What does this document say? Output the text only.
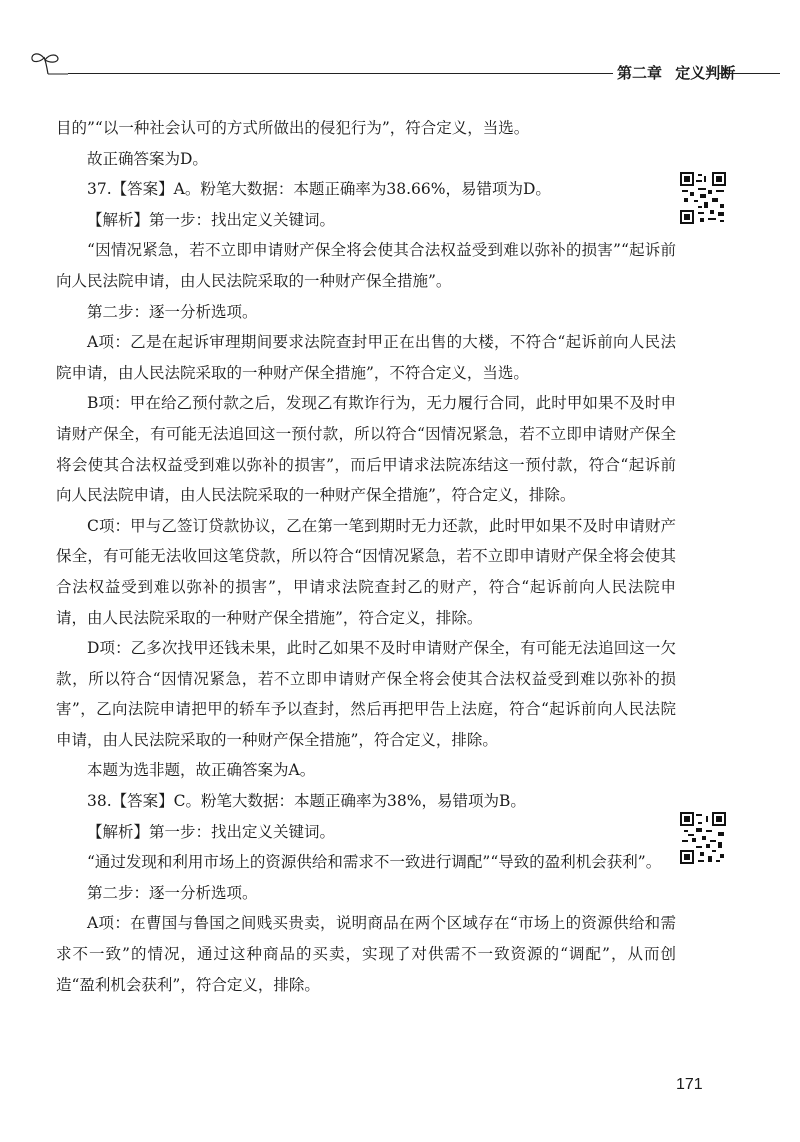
第二章 定义判断

目的”“以一种社会认可的方式所做出的侵犯行为”，符合定义，当选。

故正确答案为D。

37.【答案】A。粉笔大数据：本题正确率为38.66%，易错项为D。

【解析】第一步：找出定义关键词。

“因情况紧急，若不立即申请财产保全将会使其合法权益受到难以弥补的损害”“起诉前向人民法院申请，由人民法院采取的一种财产保全措施”。

第二步：逐一分析选项。

A项：乙是在起诉审理期间要求法院查封甲正在出售的大楼，不符合“起诉前向人民法院申请，由人民法院采取的一种财产保全措施”，不符合定义，当选。

B项：甲在给乙预付款之后，发现乙有欺诈行为，无力履行合同，此时甲如果不及时申请财产保全，有可能无法追回这一预付款，所以符合“因情况紧急，若不立即申请财产保全将会使其合法权益受到难以弥补的损害”，而后甲请求法院冻结这一预付款，符合“起诉前向人民法院申请，由人民法院采取的一种财产保全措施”，符合定义，排除。

C项：甲与乙签订贷款协议，乙在第一笔到期时无力还款，此时甲如果不及时申请财产保全，有可能无法收回这笔贷款，所以符合“因情况紧急，若不立即申请财产保全将会使其合法权益受到难以弥补的损害”，甲请求法院查封乙的财产，符合“起诉前向人民法院申请，由人民法院采取的一种财产保全措施”，符合定义，排除。

D项：乙多次找甲还钱未果，此时乙如果不及时申请财产保全，有可能无法追回这一欠款，所以符合“因情况紧急，若不立即申请财产保全将会使其合法权益受到难以弥补的损害”，乙向法院申请把甲的轿车予以查封，然后再把甲告上法庭，符合“起诉前向人民法院申请，由人民法院采取的一种财产保全措施”，符合定义，排除。

本题为选非题，故正确答案为A。

38.【答案】C。粉笔大数据：本题正确率为38%，易错项为B。

【解析】第一步：找出定义关键词。

“通过发现和利用市场上的资源供给和需求不一致进行调配”“导致的盈利机会获利”。

第二步：逐一分析选项。

A项：在曹国与鲁国之间贱买贵卖，说明商品在两个区域存在“市场上的资源供给和需求不一致”的情况，通过这种商品的买卖，实现了对供需不一致资源的“调配”，从而创造“盈利机会获利”，符合定义，排除。

171
